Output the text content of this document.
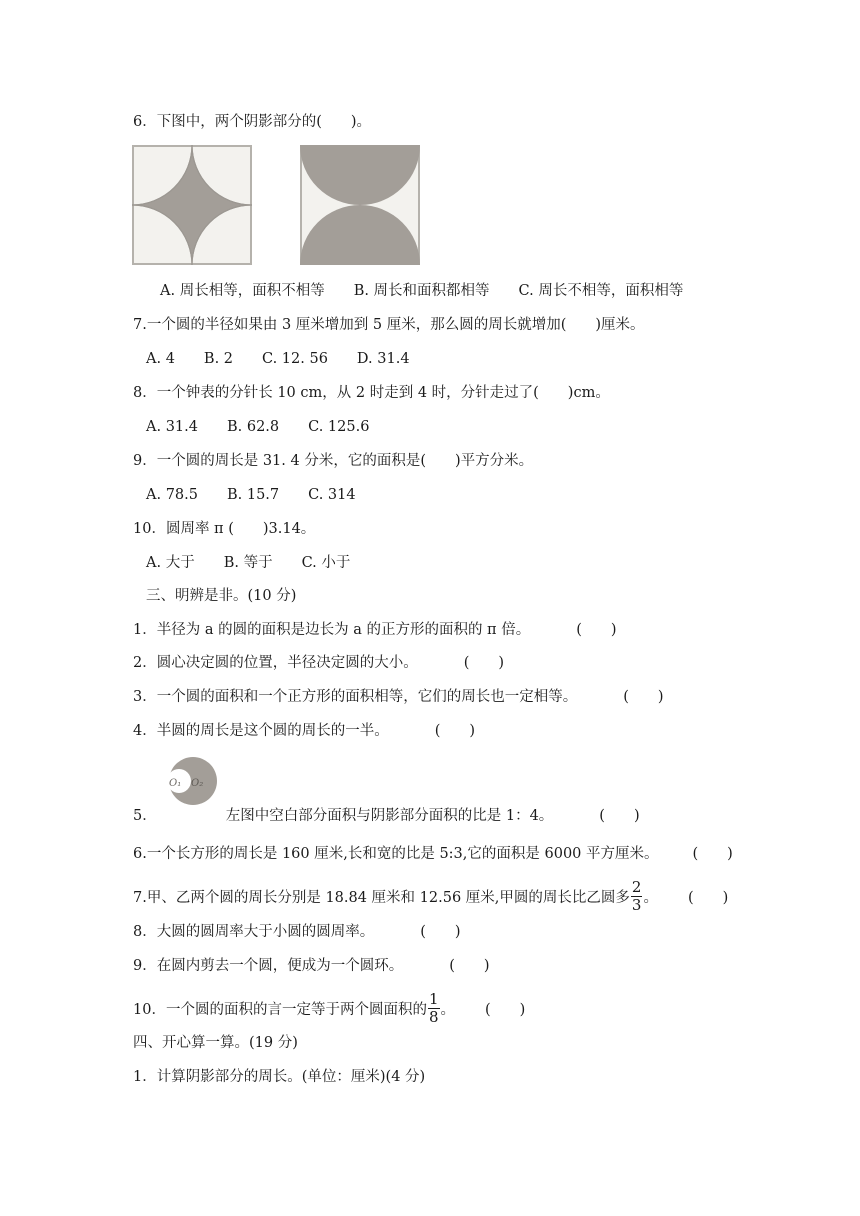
6．下图中，两个阴影部分的(　　)。
A. 周长相等，面积不相等　　B. 周长和面积都相等　　C. 周长不相等，面积相等
7.一个圆的半径如果由 3 厘米增加到 5 厘米，那么圆的周长就增加(　　)厘米。
A. 4　　B. 2　　C. 12. 56　　D. 31.4
8．一个钟表的分针长 10 cm，从 2 时走到 4 时，分针走过了(　　)cm。
A. 31.4　　B. 62.8　　C. 125.6
9．一个圆的周长是 31. 4 分米，它的面积是(　　)平方分米。
A. 78.5　　B. 15.7　　C. 314
10．圆周率 π (　　)3.14。
A. 大于　　B. 等于　　C. 小于
三、明辨是非。(10 分)
1．半径为 a 的圆的面积是边长为 a 的正方形的面积的 π 倍。	(　　)
2．圆心决定圆的位置，半径决定圆的大小。	(　　)
3．一个圆的面积和一个正方形的面积相等，它们的周长也一定相等。	(　　)
4．半圆的周长是这个圆的周长的一半。	(　　)
O₁ O₂
5．	左图中空白部分面积与阴影部分面积的比是 1：4。	(　　)
6.一个长方形的周长是 160 厘米,长和宽的比是 5:3,它的面积是 6000 平方厘米。 (　　)
7.甲、乙两个圆的周长分别是 18.84 厘米和 12.56 厘米,甲圆的周长比乙圆多 $\frac{2}{3}$ 。 (　　)
8．大圆的圆周率大于小圆的圆周率。	(　　)
9．在圆内剪去一个圆，便成为一个圆环。	(　　)
10．一个圆的面积的言一定等于两个圆面积的 $\frac{1}{8}$ 。 (　　)
四、开心算一算。(19 分)
1．计算阴影部分的周长。(单位：厘米)(4 分)
